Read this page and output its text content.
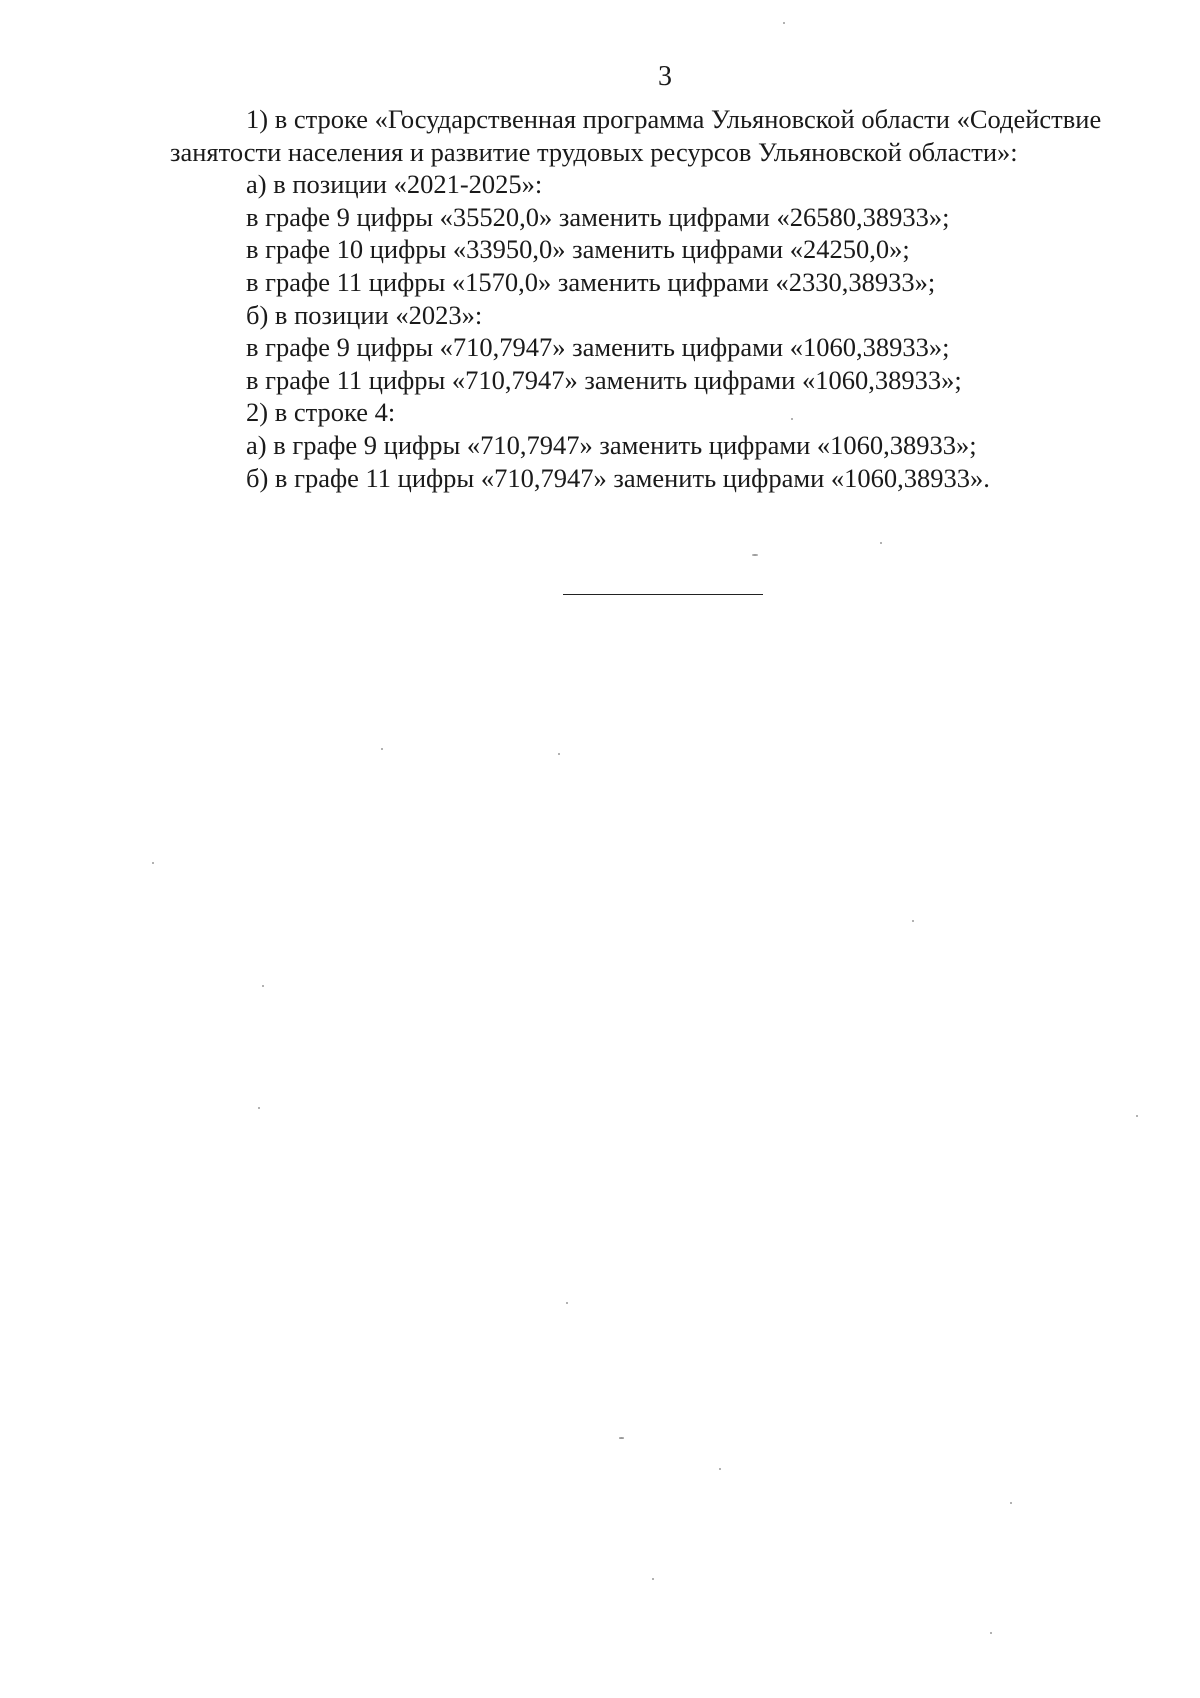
3

1) в строке «Государственная программа Ульяновской области «Содействие

занятости населения и развитие трудовых ресурсов Ульяновской области»:

а) в позиции «2021-2025»:

в графе 9 цифры «35520,0» заменить цифрами «26580,38933»;

в графе 10 цифры «33950,0» заменить цифрами «24250,0»;

в графе 11 цифры «1570,0» заменить цифрами «2330,38933»;

б) в позиции «2023»:

в графе 9 цифры «710,7947» заменить цифрами «1060,38933»;

в графе 11 цифры «710,7947» заменить цифрами «1060,38933»;

2) в строке 4:

а) в графе 9 цифры «710,7947» заменить цифрами «1060,38933»;

б) в графе 11 цифры «710,7947» заменить цифрами «1060,38933».
